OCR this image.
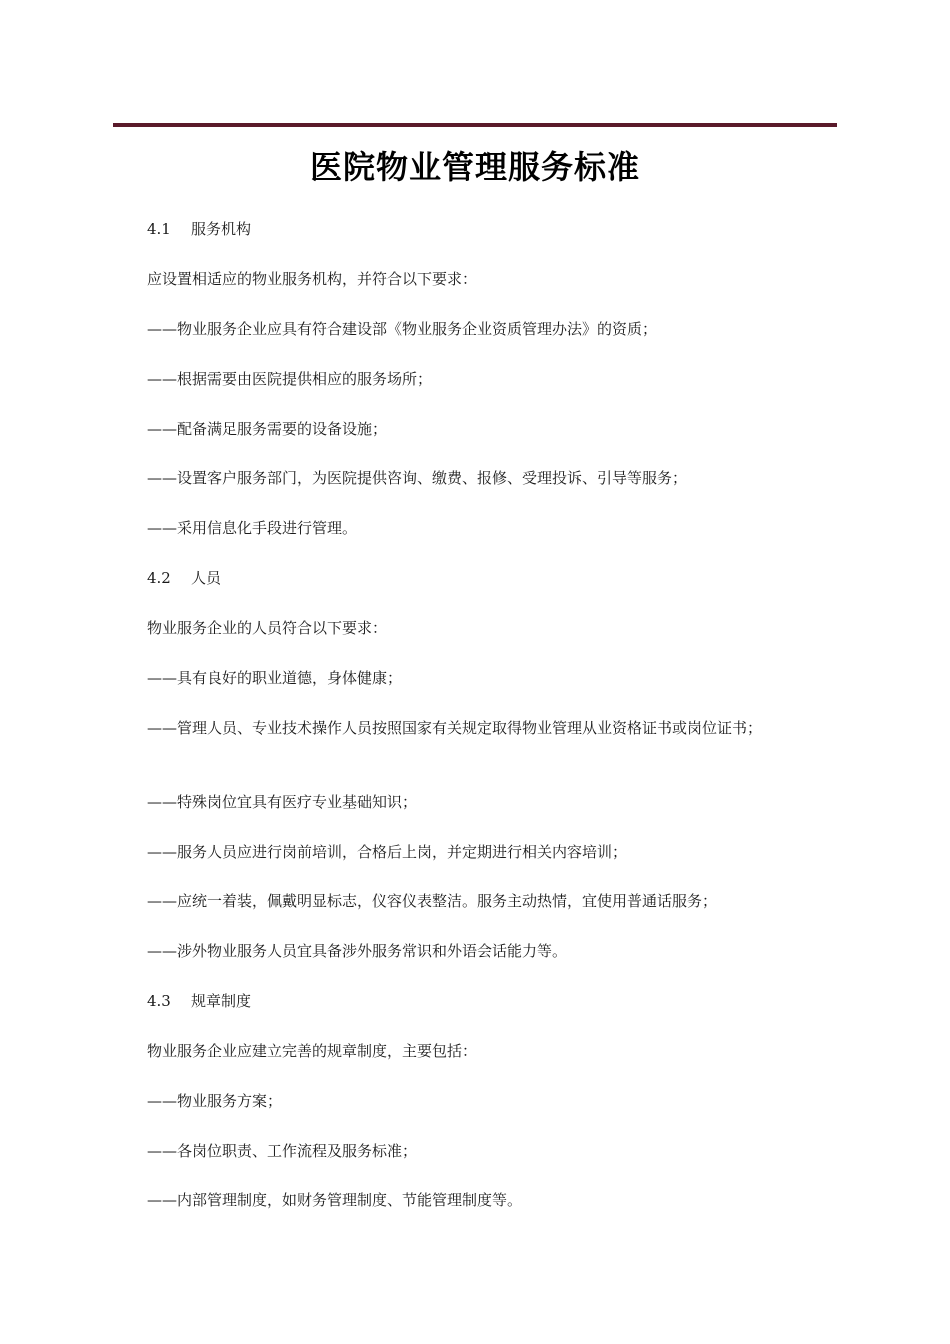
医院物业管理服务标准
4.1 服务机构
应设置相适应的物业服务机构，并符合以下要求：
——物业服务企业应具有符合建设部《物业服务企业资质管理办法》的资质；
——根据需要由医院提供相应的服务场所；
——配备满足服务需要的设备设施；
——设置客户服务部门，为医院提供咨询、缴费、报修、受理投诉、引导等服务；
——采用信息化手段进行管理。
4.2 人员
物业服务企业的人员符合以下要求：
——具有良好的职业道德，身体健康；
——管理人员、专业技术操作人员按照国家有关规定取得物业管理从业资格证书或岗位证书；
——特殊岗位宜具有医疗专业基础知识；
——服务人员应进行岗前培训，合格后上岗，并定期进行相关内容培训；
——应统一着装，佩戴明显标志，仪容仪表整洁。服务主动热情，宜使用普通话服务；
——涉外物业服务人员宜具备涉外服务常识和外语会话能力等。
4.3 规章制度
物业服务企业应建立完善的规章制度，主要包括：
——物业服务方案；
——各岗位职责、工作流程及服务标准；
——内部管理制度，如财务管理制度、节能管理制度等。
